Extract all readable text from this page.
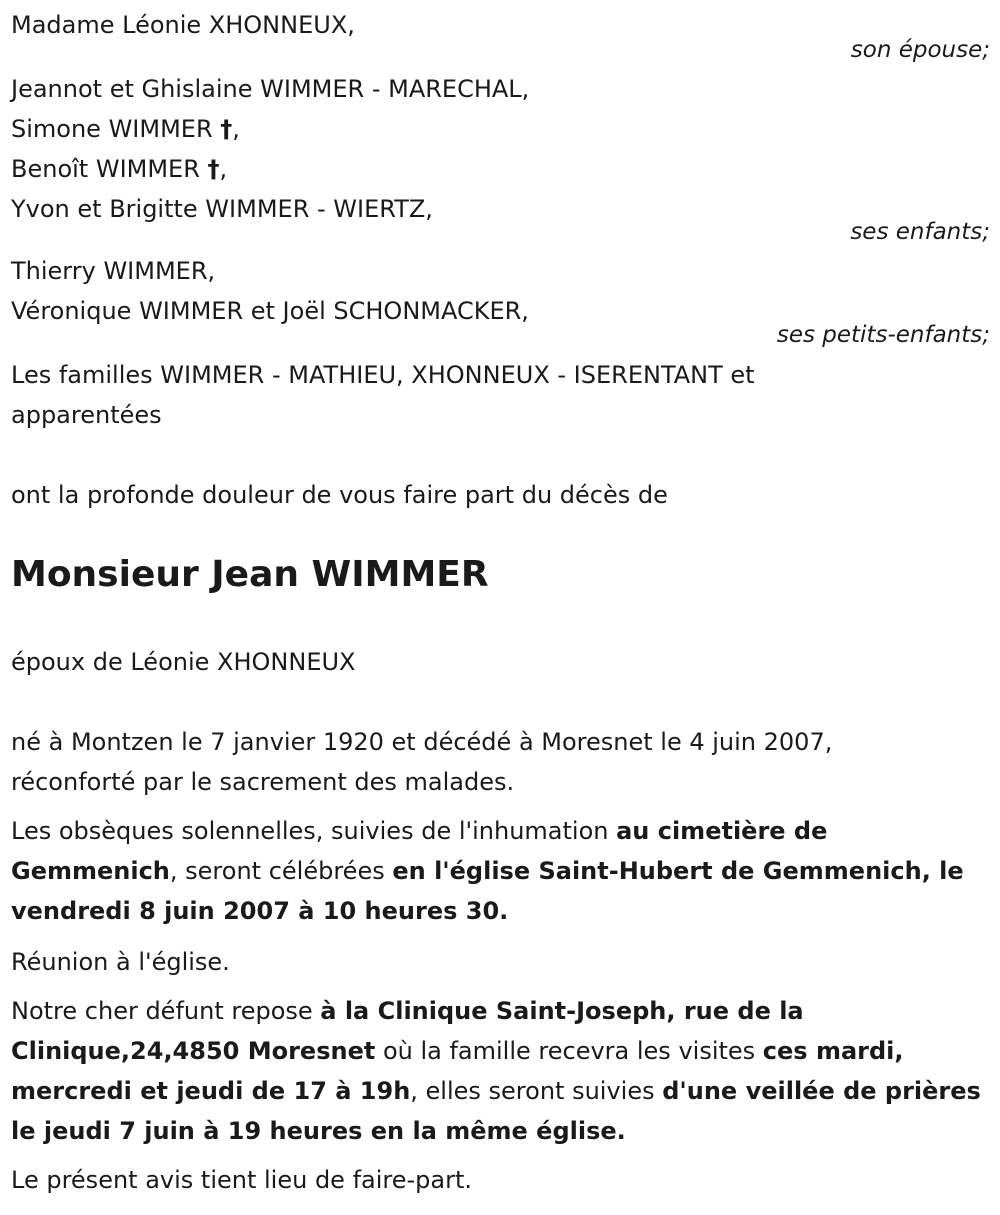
Madame Léonie XHONNEUX,
son épouse;
Jeannot et Ghislaine WIMMER - MARECHAL,
Simone WIMMER †,
Benoît WIMMER †,
Yvon et Brigitte WIMMER - WIERTZ,
ses enfants;
Thierry WIMMER,
Véronique WIMMER et Joël SCHONMACKER,
ses petits-enfants;
Les familles WIMMER - MATHIEU, XHONNEUX - ISERENTANT et
apparentées
ont la profonde douleur de vous faire part du décès de
Monsieur Jean WIMMER
époux de Léonie XHONNEUX
né à Montzen le 7 janvier 1920 et décédé à Moresnet le 4 juin 2007,
réconforté par le sacrement des malades.
Les obsèques solennelles, suivies de l'inhumation au cimetière de Gemmenich, seront célébrées en l'église Saint-Hubert de Gemmenich, le vendredi 8 juin 2007 à 10 heures 30.
Réunion à l'église.
Notre cher défunt repose à la Clinique Saint-Joseph, rue de la Clinique,24,4850 Moresnet où la famille recevra les visites ces mardi, mercredi et jeudi de 17 à 19h, elles seront suivies d'une veillée de prières le jeudi 7 juin à 19 heures en la même église.
Le présent avis tient lieu de faire-part.
